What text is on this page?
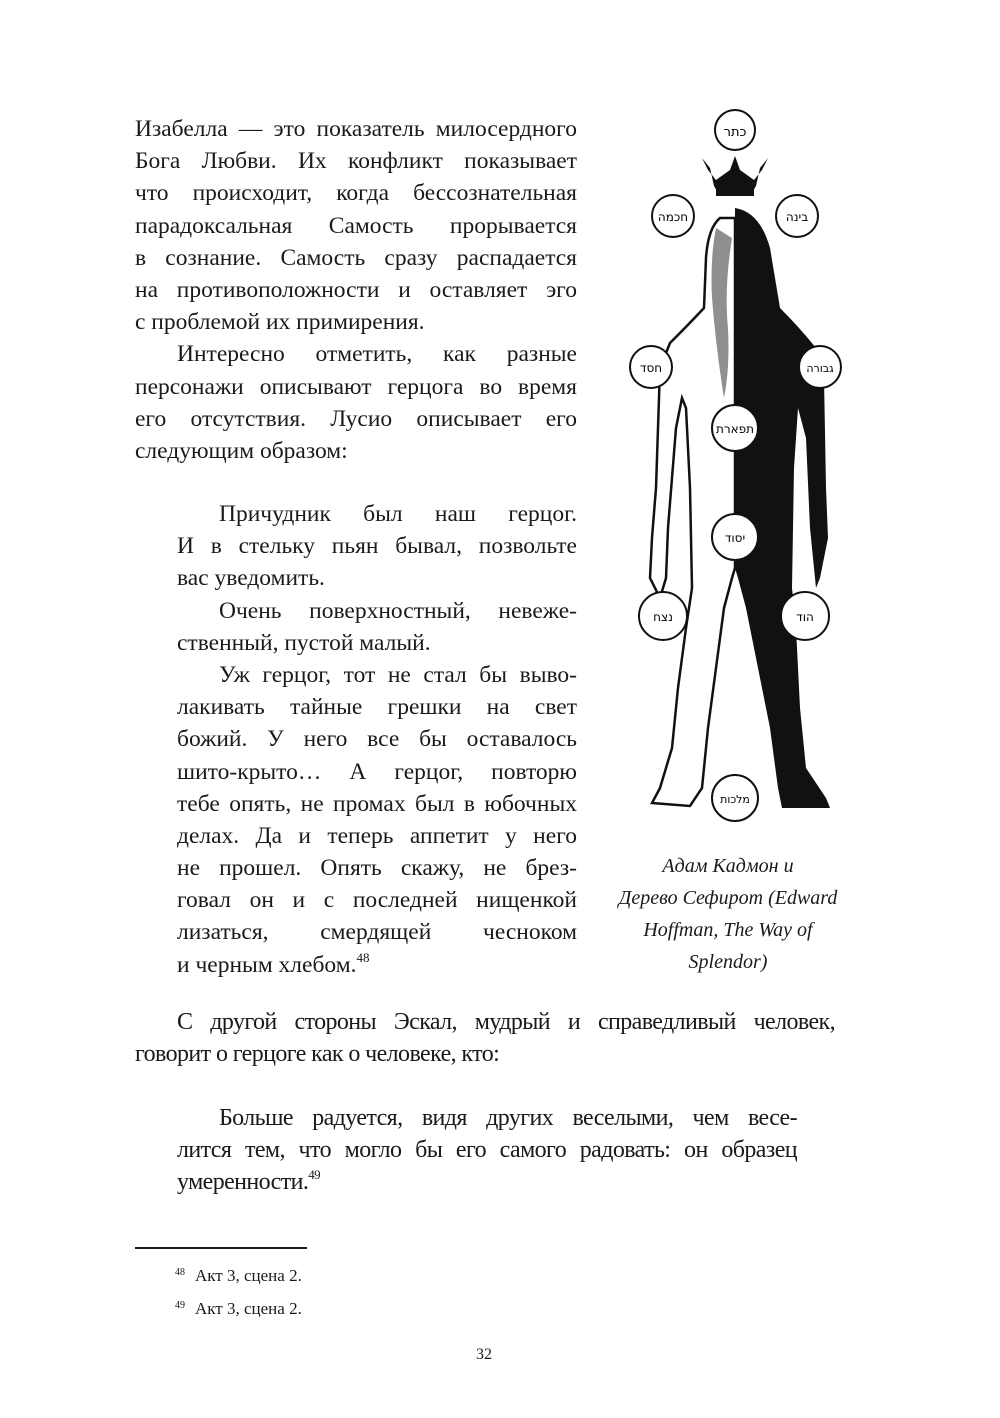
Изабелла — это показатель милосердного
Бога Любви. Их конфликт показывает
что происходит, когда бессознательная
парадоксальная Самость прорывается
в сознание. Самость сразу распадается
на противоположности и оставляет эго
с проблемой их примирения.
Интересно отметить, как разные
персонажи описывают герцога во время
его отсутствия. Лусио описывает его
следующим образом:
Причудник был наш герцог.
И в стельку пьян бывал, позвольте
вас уведомить.
Очень поверхностный, невеже-
ственный, пустой малый.
Уж герцог, тот не стал бы выво-
лакивать тайные грешки на свет
божий. У него все бы оставалось
шито-крыто… А герцог, повторю
тебе опять, не промах был в юбочных
делах. Да и теперь аппетит у него
не прошел. Опять скажу, не брез-
говал он и с последней нищенкой
лизаться, смердящей чесноком
и черным хлебом.$^{48}$
כתר
חכמה	בינה
חסד	גבורה
תפארת
יסוד
נצח	הוד
מלכות
Адам Кадмон и
Дерево Сефирот (Edward
Hoffman, The Way of
Splendor)
С другой стороны Эскал, мудрый и справедливый человек,
говорит о герцоге как о человеке, кто:
Больше радуется, видя других веселыми, чем весе-
лится тем, что могло бы его самого радовать: он образец
умеренности.$^{49}$
$^{48}$ Акт 3, сцена 2.
$^{49}$ Акт 3, сцена 2.
32
